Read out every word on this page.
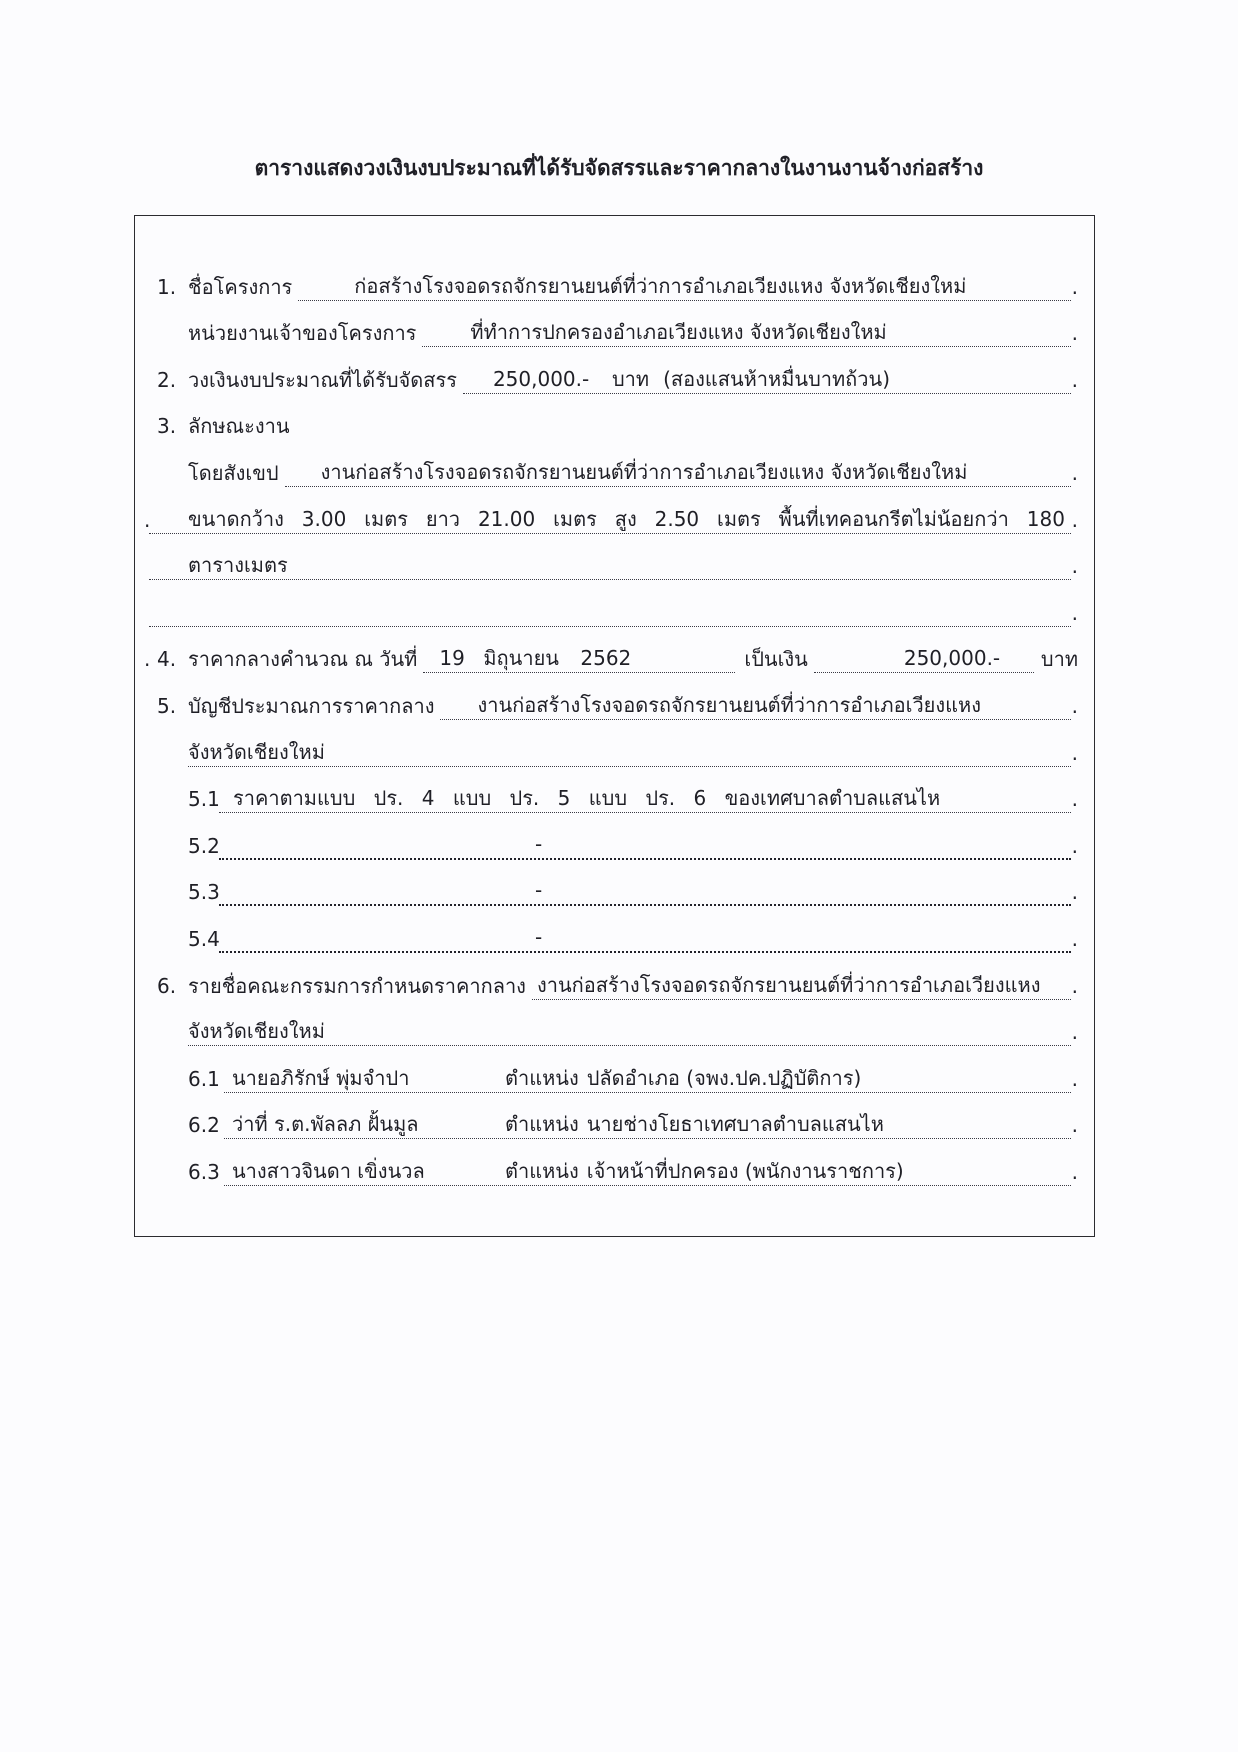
ตารางแสดงวงเงินงบประมาณที่ได้รับจัดสรรและราคากลางในงานงานจ้างก่อสร้าง
1. ชื่อโครงการ	ก่อสร้างโรงจอดรถจักรยานยนต์ที่ว่าการอำเภอเวียงแหง จังหวัดเชียงใหม่	.
หน่วยงานเจ้าของโครงการ	ที่ทำการปกครองอำเภอเวียงแหง จังหวัดเชียงใหม่	.
2. วงเงินงบประมาณที่ได้รับจัดสรร	250,000.- บาท (สองแสนห้าหมื่นบาทถ้วน)	.
3. ลักษณะงาน
โดยสังเขป	งานก่อสร้างโรงจอดรถจักรยานยนต์ที่ว่าการอำเภอเวียงแหง จังหวัดเชียงใหม่	.
. ขนาดกว้าง 3.00 เมตร ยาว 21.00 เมตร สูง 2.50 เมตร พื้นที่เทคอนกรีตไม่น้อยกว่า 180 .
ตารางเมตร	.
.
. 4. ราคากลางคำนวณ ณ วันที่	19 มิถุนายน 2562	เป็นเงิน	250,000.-	บาท
5. บัญชีประมาณการราคากลาง	งานก่อสร้างโรงจอดรถจักรยานยนต์ที่ว่าการอำเภอเวียงแหง	.
จังหวัดเชียงใหม่	.
5.1 ราคาตามแบบ ปร. 4 แบบ ปร. 5 แบบ ปร. 6 ของเทศบาลตำบลแสนไห	.
5.2	-	.
5.3	-	.
5.4	-	.
6. รายชื่อคณะกรรมการกำหนดราคากลาง งานก่อสร้างโรงจอดรถจักรยานยนต์ที่ว่าการอำเภอเวียงแหง	.
จังหวัดเชียงใหม่	.
6.1 นายอภิรักษ์ พุ่มจำปา	ตำแหน่ง ปลัดอำเภอ (จพง.ปค.ปฏิบัติการ)	.
6.2 ว่าที่ ร.ต.พัลลภ ฝั้นมูล	ตำแหน่ง นายช่างโยธาเทศบาลตำบลแสนไห	.
6.3 นางสาวจินดา เขิ่งนวล	ตำแหน่ง เจ้าหน้าที่ปกครอง (พนักงานราชการ)	.
